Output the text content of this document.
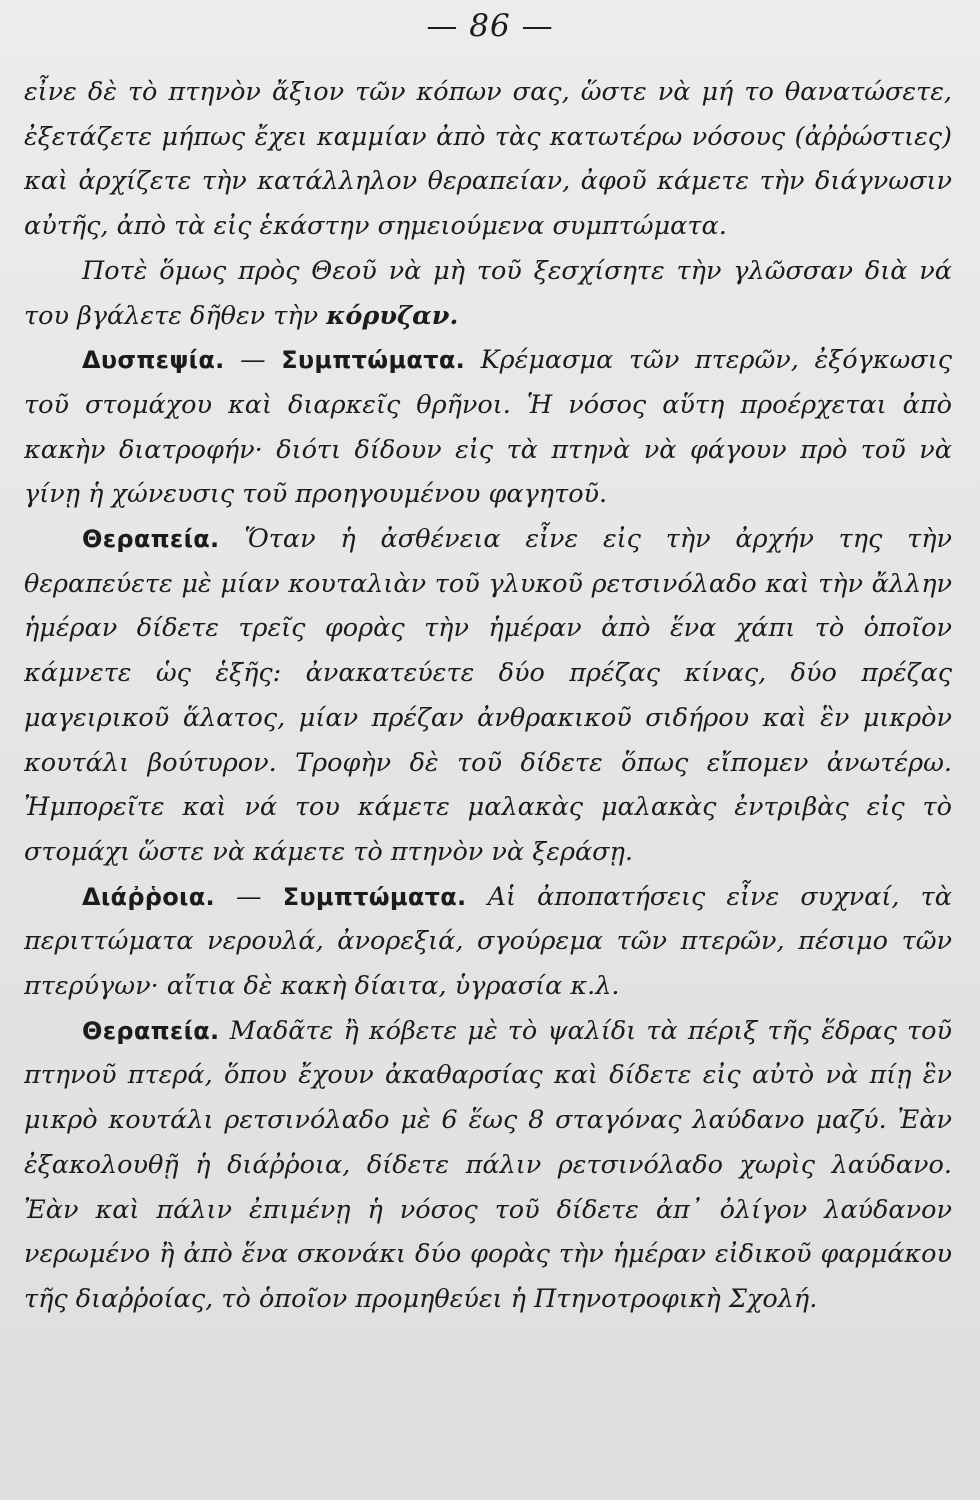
— 86 —

εἶνε δὲ τὸ πτηνὸν ἄξιον τῶν κόπων σας, ὥστε νὰ μή το θανατώσετε, ἐξετάζετε μήπως ἔχει καμμίαν ἀπὸ τὰς κατωτέρω νόσους (ἀῤῥώστιες) καὶ ἀρχίζετε τὴν κατάλληλον θεραπείαν, ἀφοῦ κάμετε τὴν διάγνωσιν αὐτῆς, ἀπὸ τὰ εἰς ἑκάστην σημειούμενα συμπτώματα.

Ποτὲ ὅμως πρὸς Θεοῦ νὰ μὴ τοῦ ξεσχίσητε τὴν γλῶσσαν διὰ νά του βγάλετε δῆθεν τὴν κόρυζαν.

Δυσπεψία. — Συμπτώματα. Κρέμασμα τῶν πτερῶν, ἐξόγκωσις τοῦ στομάχου καὶ διαρκεῖς θρῆνοι. Ἡ νόσος αὕτη προέρχεται ἀπὸ κακὴν διατροφήν· διότι δίδουν εἰς τὰ πτηνὰ νὰ φάγουν πρὸ τοῦ νὰ γίνῃ ἡ χώνευσις τοῦ προηγουμένου φαγητοῦ.

Θεραπεία. Ὅταν ἡ ἀσθένεια εἶνε εἰς τὴν ἀρχήν της τὴν θεραπεύετε μὲ μίαν κουταλιὰν τοῦ γλυκοῦ ρετσινόλαδο καὶ τὴν ἄλλην ἡμέραν δίδετε τρεῖς φορὰς τὴν ἡμέραν ἀπὸ ἕνα χάπι τὸ ὁποῖον κάμνετε ὡς ἑξῆς: ἀνακατεύετε δύο πρέζας κίνας, δύο πρέζας μαγειρικοῦ ἅλατος, μίαν πρέζαν ἀνθρακικοῦ σιδήρου καὶ ἓν μικρὸν κουτάλι βούτυρον. Τροφὴν δὲ τοῦ δίδετε ὅπως εἴπομεν ἀνωτέρω. Ἠμπορεῖτε καὶ νά του κάμετε μαλακὰς μαλακὰς ἐντριβὰς εἰς τὸ στομάχι ὥστε νὰ κάμετε τὸ πτηνὸν νὰ ξεράσῃ.

Διάῤῥοια. — Συμπτώματα. Αἱ ἀποπατήσεις εἶνε συχναί, τὰ περιττώματα νερουλά, ἀνορεξιά, σγούρεμα τῶν πτερῶν, πέσιμο τῶν πτερύγων· αἴτια δὲ κακὴ δίαιτα, ὑγρασία κ.λ.

Θεραπεία. Μαδᾶτε ἢ κόβετε μὲ τὸ ψαλίδι τὰ πέριξ τῆς ἕδρας τοῦ πτηνοῦ πτερά, ὅπου ἔχουν ἀκαθαρσίας καὶ δίδετε εἰς αὐτὸ νὰ πίῃ ἓν μικρὸ κουτάλι ρετσινόλαδο μὲ 6 ἕως 8 σταγόνας λαύδανο μαζύ. Ἐὰν ἐξακολουθῇ ἡ διάῤῥοια, δίδετε πάλιν ρετσινόλαδο χωρὶς λαύδανο. Ἐὰν καὶ πάλιν ἐπιμένῃ ἡ νόσος τοῦ δίδετε ἀπ᾿ ὀλίγον λαύδανον νερωμένο ἢ ἀπὸ ἕνα σκονάκι δύο φορὰς τὴν ἡμέραν εἰδικοῦ φαρμάκου τῆς διαῤῥοίας, τὸ ὁποῖον προμηθεύει ἡ Πτηνοτροφικὴ Σχολή.
